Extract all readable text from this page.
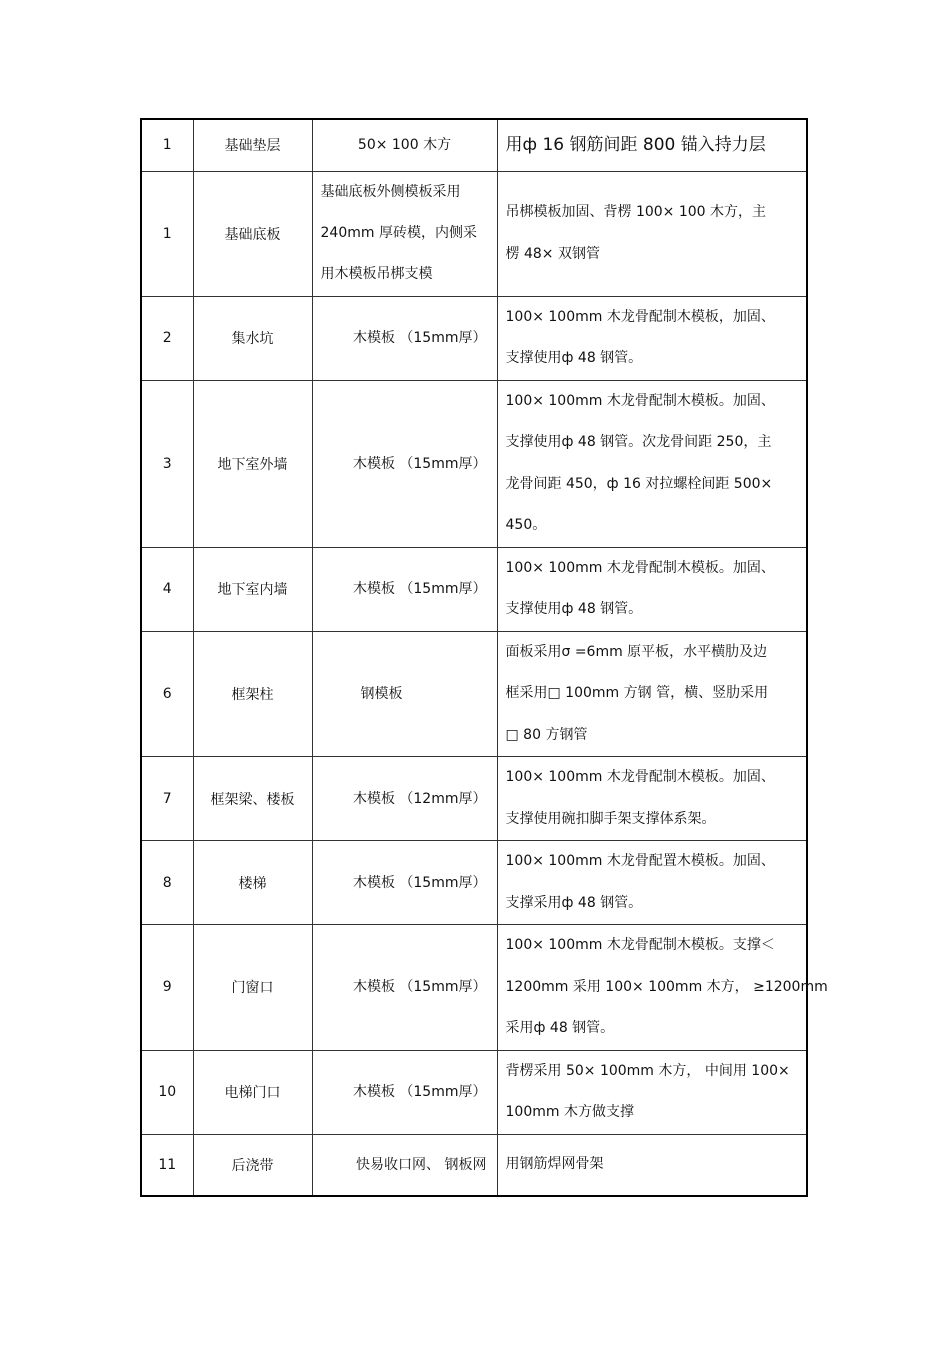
1	基础垫层	50× 100 木方	用ф 16 钢筋间距 800 锚入持力层
1	基础底板	基础底板外侧模板采用
240mm 厚砖模，内侧采
用木模板吊梆支模	吊梆模板加固、背楞 100× 100 木方，主
楞 48× 双钢管

2	集水坑	木模板 （15mm厚）	100× 100mm 木龙骨配制木模板，加固、
支撑使用ф 48 钢管。

3	地下室外墙	木模板 （15mm厚）	100× 100mm 木龙骨配制木模板。加固、
支撑使用ф 48 钢管。次龙骨间距 250，主
龙骨间距 450，ф 16 对拉螺栓间距 500×
450。

4	地下室内墙	木模板 （15mm厚）	100× 100mm 木龙骨配制木模板。加固、
支撑使用ф 48 钢管。

6	框架柱	钢模板	面板采用σ =6mm 原平板，水平横肋及边
框采用□ 100mm 方钢 管，横、竖肋采用
□ 80 方钢管

7	框架梁、楼板	木模板 （12mm厚）	100× 100mm 木龙骨配制木模板。加固、
支撑使用碗扣脚手架支撑体系架。

8	楼梯	木模板 （15mm厚）	100× 100mm 木龙骨配置木模板。加固、
支撑采用ф 48 钢管。

9	门窗口	木模板 （15mm厚）	100× 100mm 木龙骨配制木模板。支撑＜
1200mm 采用 100× 100mm 木方， ≥1200mm
采用ф 48 钢管。

10	电梯门口	木模板 （15mm厚）	背楞采用 50× 100mm 木方， 中间用 100×
100mm 木方做支撑

11	后浇带	快易收口网、 钢板网	用钢筋焊网骨架
